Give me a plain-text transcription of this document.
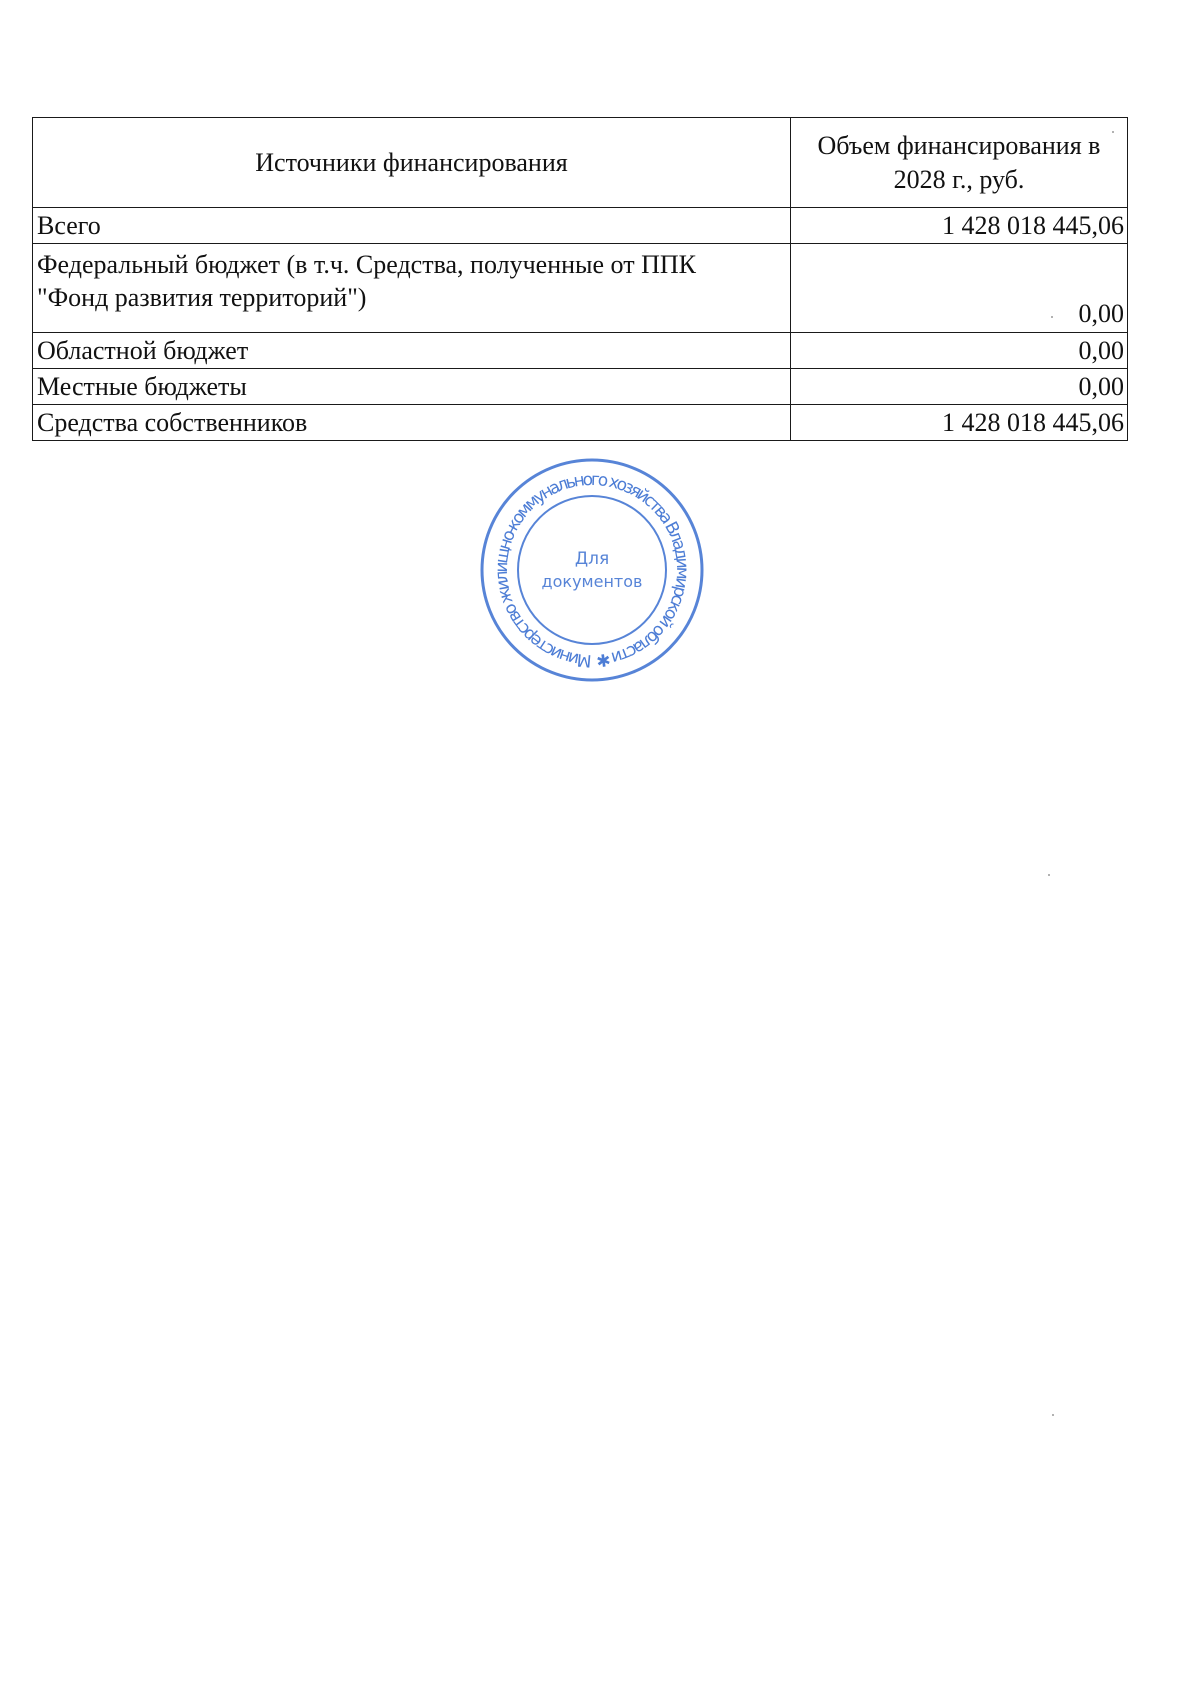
Источники финансирования	Объем финансирования в
2028 г., руб.
Всего	1 428 018 445,06
Федеральный бюджет (в т.ч. Средства, полученные от ППК
"Фонд развития территорий")	0,00
Областной бюджет	0,00
Местные бюджеты	0,00
Средства собственников	1 428 018 445,06
Министерство жилищно-коммунального хозяйства Владимирской области ✱
Для
документов
